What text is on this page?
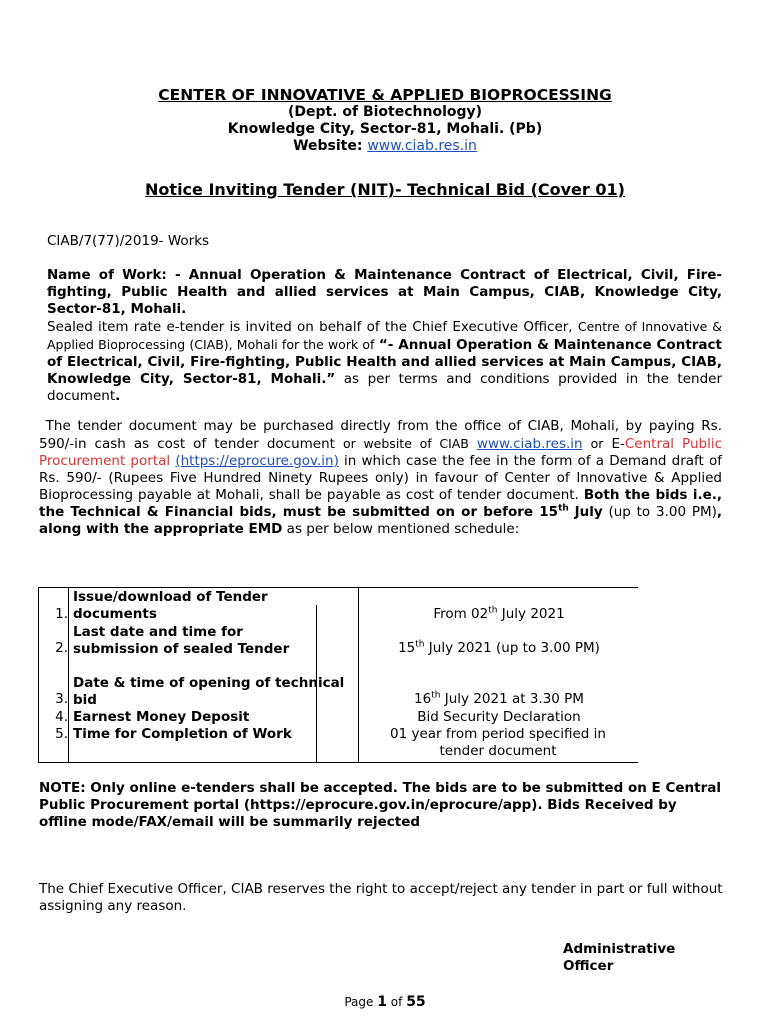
CENTER OF INNOVATIVE & APPLIED BIOPROCESSING
(Dept. of Biotechnology)
Knowledge City, Sector-81, Mohali. (Pb)
Website: www.ciab.res.in
Notice Inviting Tender (NIT)- Technical Bid (Cover 01)
CIAB/7(77)/2019- Works
Name of Work: - Annual Operation & Maintenance Contract of Electrical, Civil, Fire-fighting, Public Health and allied services at Main Campus, CIAB, Knowledge City, Sector-81, Mohali.
Sealed item rate e-tender is invited on behalf of the Chief Executive Officer, Centre of Innovative & Applied Bioprocessing (CIAB), Mohali for the work of “- Annual Operation & Maintenance Contract of Electrical, Civil, Fire-fighting, Public Health and allied services at Main Campus, CIAB, Knowledge City, Sector-81, Mohali.” as per terms and conditions provided in the tender document.
The tender document may be purchased directly from the office of CIAB, Mohali, by paying Rs. 590/-in cash as cost of tender document or website of CIAB www.ciab.res.in or E-Central Public Procurement portal (https://eprocure.gov.in) in which case the fee in the form of a Demand draft of Rs. 590/- (Rupees Five Hundred Ninety Rupees only) in favour of Center of Innovative & Applied Bioprocessing payable at Mohali, shall be payable as cost of tender document. Both the bids i.e., the Technical & Financial bids, must be submitted on or before 15th July (up to 3.00 PM), along with the appropriate EMD as per below mentioned schedule:
1.
Issue/download of Tender documents	From 02th July 2021
2.
Last date and time for submission of sealed Tender	15th July 2021 (up to 3.00 PM)
3.
Date & time of opening of technical bid	16th July 2021 at 3.30 PM
4. Earnest Money Deposit	Bid Security Declaration
5. Time for Completion of Work	01 year from period specified in tender document
NOTE: Only online e-tenders shall be accepted. The bids are to be submitted on E Central Public Procurement portal (https://eprocure.gov.in/eprocure/app). Bids Received by offline mode/FAX/email will be summarily rejected
The Chief Executive Officer, CIAB reserves the right to accept/reject any tender in part or full without assigning any reason.
Administrative Officer
Page 1 of 55
